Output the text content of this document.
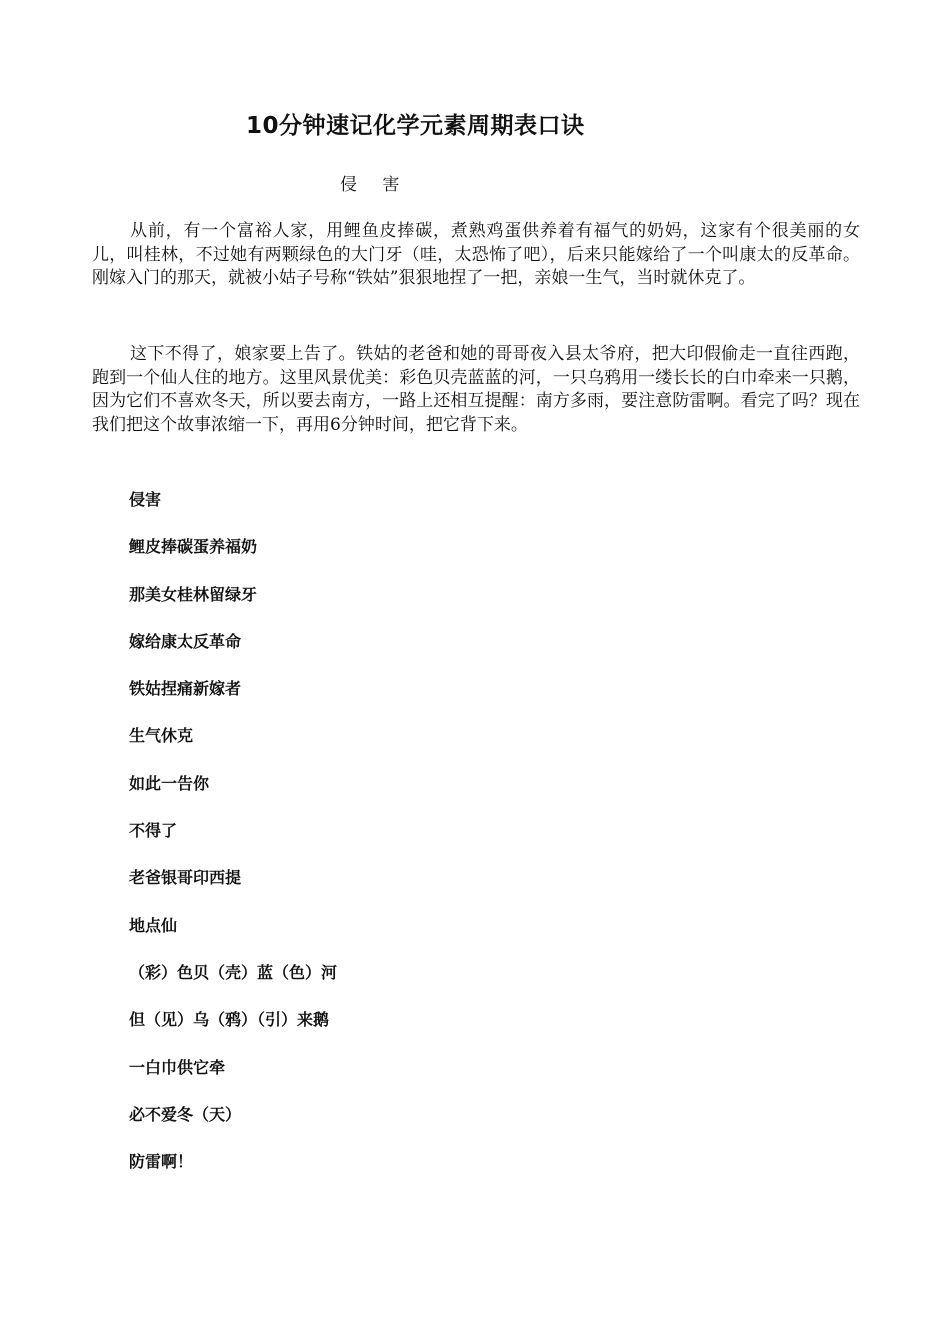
10分钟速记化学元素周期表口诀

侵 害

从前，有一个富裕人家，用鲤鱼皮捧碳，煮熟鸡蛋供养着有福气的奶妈，这家有个很美丽的女儿，叫桂林，不过她有两颗绿色的大门牙（哇，太恐怖了吧），后来只能嫁给了一个叫康太的反革命。刚嫁入门的那天，就被小姑子号称“铁姑”狠狠地捏了一把，亲娘一生气，当时就休克了。

这下不得了，娘家要上告了。铁姑的老爸和她的哥哥夜入县太爷府，把大印假偷走一直往西跑，跑到一个仙人住的地方。这里风景优美：彩色贝壳蓝蓝的河，一只乌鸦用一缕长长的白巾牵来一只鹅，因为它们不喜欢冬天，所以要去南方，一路上还相互提醒：南方多雨，要注意防雷啊。看完了吗？现在我们把这个故事浓缩一下，再用6分钟时间，把它背下来。

侵害
鲤皮捧碳蛋养福奶
那美女桂林留绿牙
嫁给康太反革命
铁姑捏痛新嫁者
生气休克
如此一告你
不得了
老爸银哥印西提
地点仙
（彩）色贝（壳）蓝（色）河
但（见）乌（鸦）（引）来鹅
一白巾供它牵
必不爱冬（天）
防雷啊！
